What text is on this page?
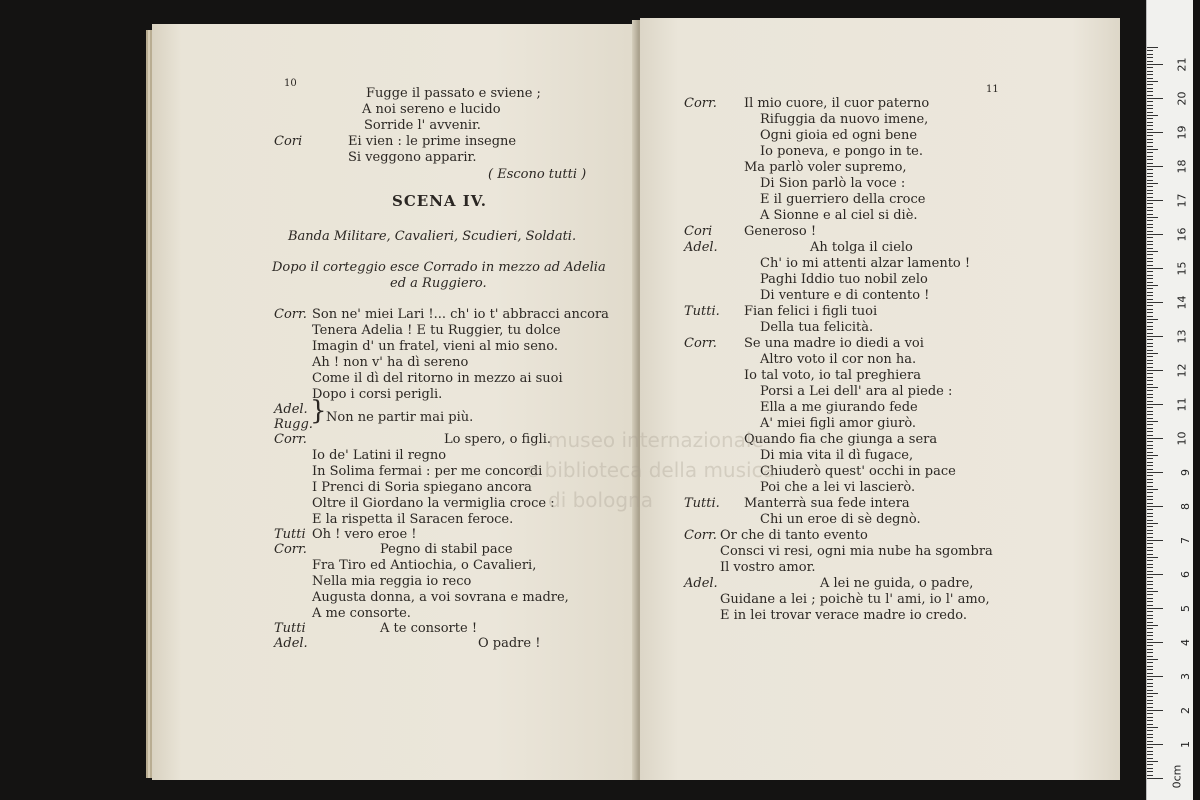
10
Fugge il passato e sviene ;
A noi sereno e lucido
Sorride l' avvenir.
Cori	Ei vien : le prime insegne
Si veggono apparir.
( Escono tutti )
SCENA IV.
Banda Militare, Cavalieri, Scudieri, Soldati.
Dopo il corteggio esce Corrado in mezzo ad Adelia
ed a Ruggiero.
Corr. Son ne' miei Lari !... ch' io t' abbracci ancora
Tenera Adelia ! E tu Ruggier, tu dolce
Imagin d' un fratel, vieni al mio seno.
Ah ! non v' ha dì sereno
Come il dì del ritorno in mezzo ai suoi
Dopo i corsi perigli.
Adel.
Rugg.
} Non ne partir mai più.
Corr.	Lo spero, o figli.
Io de' Latini il regno
In Solima fermai : per me concordi
I Prenci di Soria spiegano ancora
Oltre il Giordano la vermiglia croce :
E la rispetta il Saracen feroce.
Tutti Oh ! vero eroe !
Corr.	Pegno di stabil pace
Fra Tiro ed Antiochia, o Cavalieri,
Nella mia reggia io reco
Augusta donna, a voi sovrana e madre,
A me consorte.
Tutti	A te consorte !
Adel.	O padre !
11
Corr. Il mio cuore, il cuor paterno
Rifuggia da nuovo imene,
Ogni gioia ed ogni bene
Io poneva, e pongo in te.
Ma parlò voler supremo,
Di Sion parlò la voce :
E il guerriero della croce
A Sionne e al ciel si diè.
Cori Generoso !
Adel.	Ah tolga il cielo
Ch' io mi attenti alzar lamento !
Paghi Iddio tuo nobil zelo
Di venture e di contento !
Tutti. Fian felici i figli tuoi
Della tua felicità.
Corr. Se una madre io diedi a voi
Altro voto il cor non ha.
Io tal voto, io tal preghiera
Porsi a Lei dell' ara al piede :
Ella a me giurando fede
A' miei figli amor giurò.
Quando fia che giunga a sera
Di mia vita il dì fugace,
Chiuderò quest' occhi in pace
Poi che a lei vi lascierò.
Tutti. Manterrà sua fede intera
Chi un eroe di sè degnò.
Corr. Or che di tanto evento
Consci vi resi, ogni mia nube ha sgombra
Il vostro amor.
Adel.	A lei ne guida, o padre,
Guidane a lei ; poichè tu l' ami, io l' amo,
E in lei trovar verace madre io credo.
museo internazionale
e biblioteca della musica
di bologna
0cm
1
2
3
4
5
6
7
8
9
10
11
12
13
14
15
16
17
18
19
20
21
